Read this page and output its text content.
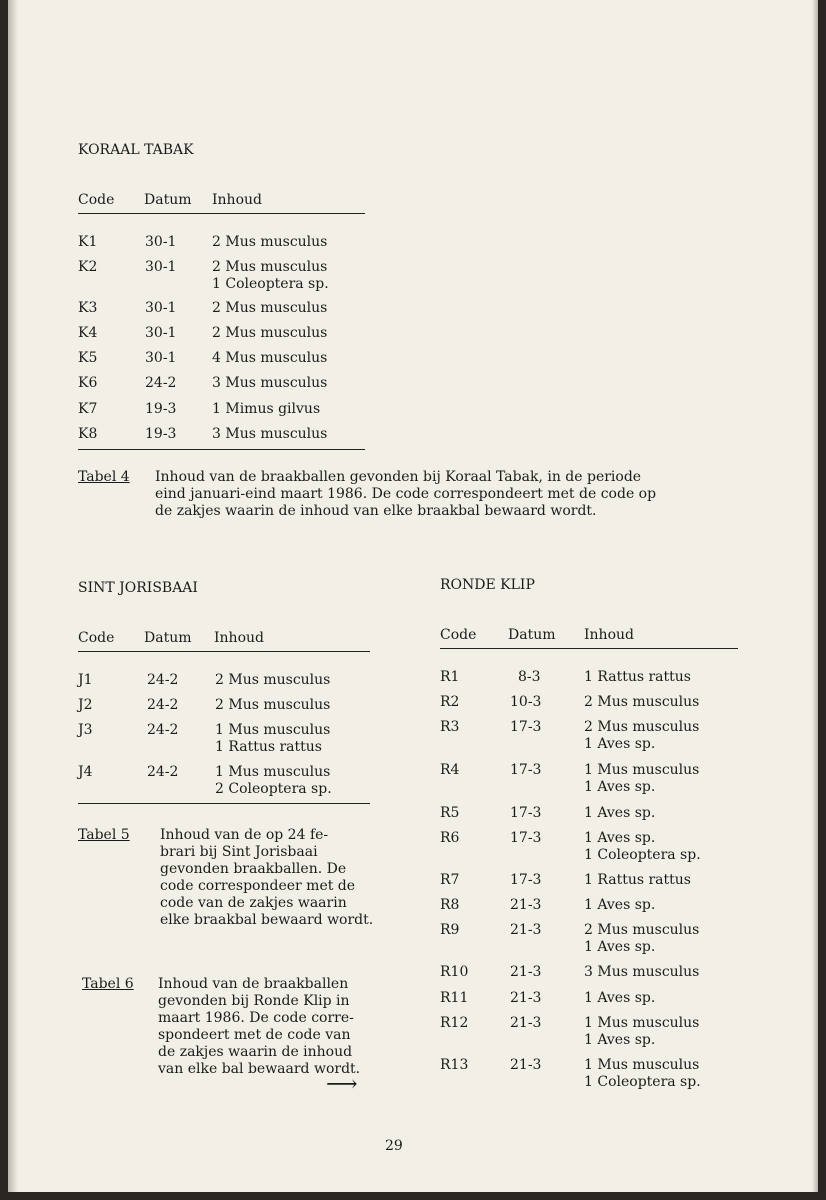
KORAAL TABAK
Code Datum Inhoud
K1	30-1	2 Mus musculus
K2	30-1	2 Mus musculus
1 Coleoptera sp.
K3	30-1	2 Mus musculus
K4	30-1	2 Mus musculus
K5	30-1	4 Mus musculus
K6	24-2	3 Mus musculus
K7	19-3	1 Mimus gilvus
K8	19-3	3 Mus musculus
Tabel 4 Inhoud van de braakballen gevonden bij Koraal Tabak, in de periode
eind januari-eind maart 1986. De code correspondeert met de code op
de zakjes waarin de inhoud van elke braakbal bewaard wordt.
SINT JORISBAAI
Code Datum Inhoud
J1	24-2	2 Mus musculus
J2	24-2	2 Mus musculus
J3	24-2	1 Mus musculus
1 Rattus rattus
J4	24-2	1 Mus musculus
2 Coleoptera sp.
Tabel 5 Inhoud van de op 24 fe-
brari bij Sint Jorisbaai
gevonden braakballen. De
code correspondeer met de
code van de zakjes waarin
elke braakbal bewaard wordt.
Tabel 6 Inhoud van de braakballen
gevonden bij Ronde Klip in
maart 1986. De code corre-
spondeert met de code van
de zakjes waarin de inhoud
van elke bal bewaard wordt.
⟶
RONDE KLIP
Code Datum Inhoud
R1	8-3	1 Rattus rattus
R2	10-3	2 Mus musculus
R3	17-3	2 Mus musculus
1 Aves sp.
R4	17-3	1 Mus musculus
1 Aves sp.
R5	17-3	1 Aves sp.
R6	17-3	1 Aves sp.
1 Coleoptera sp.
R7	17-3	1 Rattus rattus
R8	21-3	1 Aves sp.
R9	21-3	2 Mus musculus
1 Aves sp.
R10	21-3	3 Mus musculus
R11	21-3	1 Aves sp.
R12	21-3	1 Mus musculus
1 Aves sp.
R13	21-3	1 Mus musculus
1 Coleoptera sp.
29
